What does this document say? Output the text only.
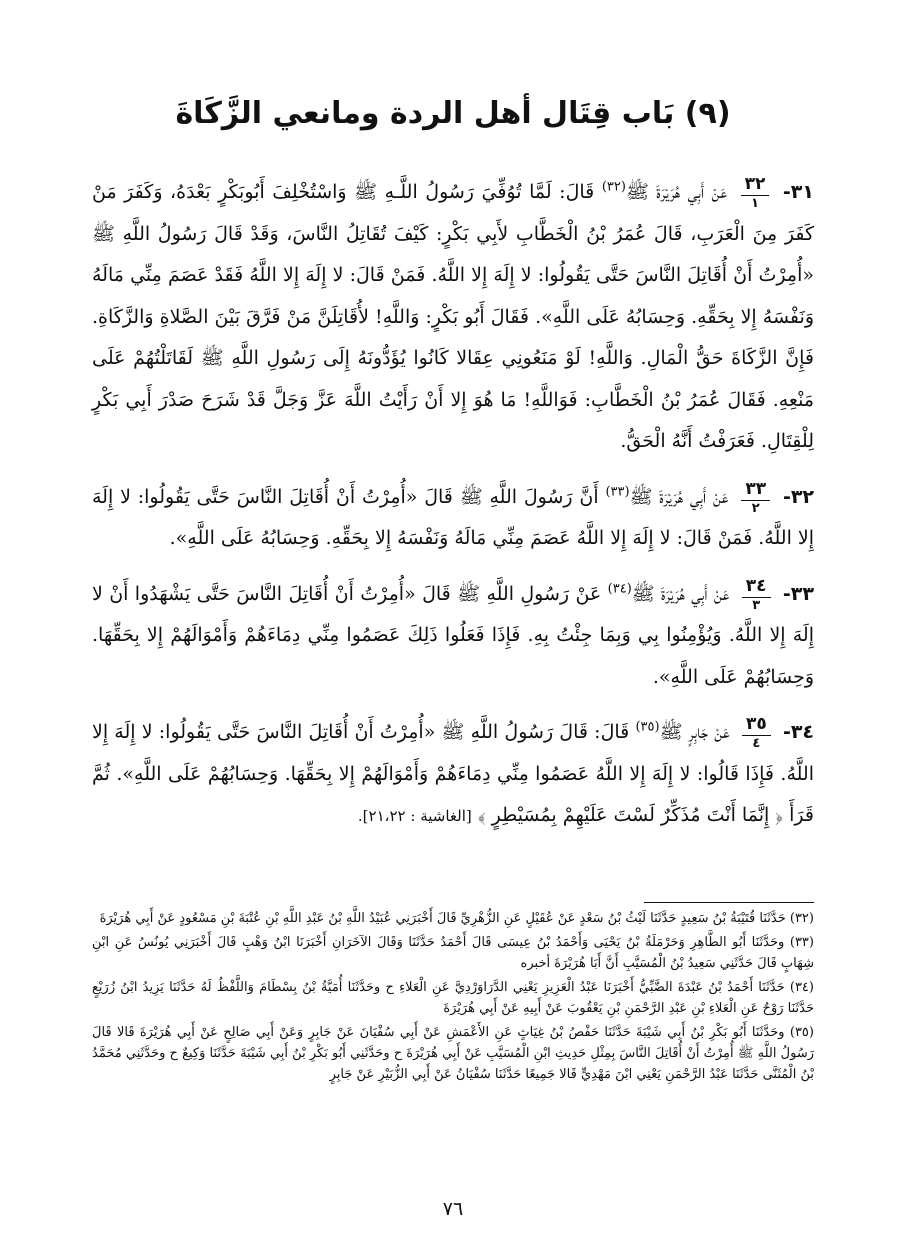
(٩) بَاب قِتَال أهل الردة ومانعي الزَّكَاةَ

٣١-
$\frac{٣٢}{١}$
عَنْ أَبِي هُرَيْرَةَ ﷺ$^{(٣٢)}$ قَالَ: لَمَّا تُوُفِّيَ رَسُولُ اللَّـهِ ﷺ وَاسْتُخْلِفَ أَبُوبَكْرٍ بَعْدَهُ، وَكَفَرَ مَنْ كَفَرَ مِنَ الْعَرَبِ، قَالَ عُمَرُ بْنُ الْخَطَّابِ لأَبِي بَكْرٍ: كَيْفَ تُقَاتِلُ النَّاسَ، وَقَدْ قَالَ رَسُولُ اللَّهِ ﷺ «أُمِرْتُ أَنْ أُقَاتِلَ النَّاسَ حَتَّى يَقُولُوا: لا إِلَهَ إِلا اللَّهُ. فَمَنْ قَالَ: لا إِلَهَ إِلا اللَّهُ فَقَدْ عَصَمَ مِنِّي مَالَهُ وَنَفْسَهُ إِلا بِحَقِّهِ. وَحِسَابُهُ عَلَى اللَّهِ». فَقَالَ أَبُو بَكْرٍ: وَاللَّهِ! لأُقَاتِلَنَّ مَنْ فَرَّقَ بَيْنَ الصَّلاةِ وَالزَّكَاةِ. فَإِنَّ الزَّكَاةَ حَقُّ الْمَالِ. وَاللَّهِ! لَوْ مَنَعُونِي عِقَالا كَانُوا يُؤَدُّونَهُ إِلَى رَسُولِ اللَّهِ ﷺ لَقَاتَلْتُهُمْ عَلَى مَنْعِهِ. فَقَالَ عُمَرُ بْنُ الْخَطَّابِ: فَوَاللَّهِ! مَا هُوَ إِلا أَنْ رَأَيْتُ اللَّهَ عَزَّ وَجَلَّ قَدْ شَرَحَ صَدْرَ أَبِي بَكْرٍ لِلْقِتَالِ. فَعَرَفْتُ أَنَّهُ الْحَقُّ.

٣٢-
$\frac{٣٣}{٢}$
عَنْ أَبِي هُرَيْرَةَ ﷺ$^{(٣٣)}$ أَنَّ رَسُولَ اللَّهِ ﷺ قَالَ «أُمِرْتُ أَنْ أُقَاتِلَ النَّاسَ حَتَّى يَقُولُوا: لا إِلَهَ إِلا اللَّهُ. فَمَنْ قَالَ: لا إِلَهَ إِلا اللَّهُ عَصَمَ مِنِّي مَالَهُ وَنَفْسَهُ إِلا بِحَقِّهِ. وَحِسَابُهُ عَلَى اللَّهِ».

٣٣-
$\frac{٣٤}{٣}$
عَنْ أَبِي هُرَيْرَةَ ﷺ$^{(٣٤)}$ عَنْ رَسُولِ اللَّهِ ﷺ قَالَ «أُمِرْتُ أَنْ أُقَاتِلَ النَّاسَ حَتَّى يَشْهَدُوا أَنْ لا إِلَهَ إِلا اللَّهُ. وَيُؤْمِنُوا بِي وَبِمَا جِئْتُ بِهِ. فَإِذَا فَعَلُوا ذَلِكَ عَصَمُوا مِنِّي دِمَاءَهُمْ وَأَمْوَالَهُمْ إِلا بِحَقِّهَا. وَحِسَابُهُمْ عَلَى اللَّهِ».

٣٤-
$\frac{٣٥}{٤}$
عَنْ جَابِرٍ ﷺ$^{(٣٥)}$ قَالَ: قَالَ رَسُولُ اللَّهِ ﷺ «أُمِرْتُ أَنْ أُقَاتِلَ النَّاسَ حَتَّى يَقُولُوا: لا إِلَهَ إِلا اللَّهُ. فَإِذَا قَالُوا: لا إِلَهَ إِلا اللَّهُ عَصَمُوا مِنِّي دِمَاءَهُمْ وَأَمْوَالَهُمْ إِلا بِحَقِّهَا. وَحِسَابُهُمْ عَلَى اللَّهِ». ثُمَّ قَرَأَ ﴿ إِنَّمَا أَنْتَ مُذَكِّرٌ لَسْتَ عَلَيْهِمْ بِمُسَيْطِرٍ ﴾ [الغاشية : ٢١،٢٢].

(٣٢) حَدَّثَنَا قُتَيْبَةُ بْنُ سَعِيدٍ حَدَّثَنَا لَيْثُ بْنُ سَعْدٍ عَنْ عُقَيْلٍ عَنِ الزُّهْرِيِّ قَالَ أَخْبَرَنِي عُبَيْدُ اللَّهِ بْنُ عَبْدِ اللَّهِ بْنِ عُتْبَةَ بْنِ مَسْعُودٍ عَنْ أَبِي هُرَيْرَةَ

(٣٣) وحَدَّثَنَا أَبُو الطَّاهِرِ وَحَرْمَلَةُ بْنُ يَحْيَى وَأَحْمَدُ بْنُ عِيسَى قَالَ أَحْمَدُ حَدَّثَنَا وَقَالَ الآخَرَانِ أَخْبَرَنَا ابْنُ وَهْبٍ قَالَ أَخْبَرَنِي يُونُسُ عَنِ ابْنِ شِهَابٍ قَالَ حَدَّثَنِي سَعِيدُ بْنُ الْمُسَيَّبِ أَنَّ أَبَا هُرَيْرَةَ أخبره

(٣٤) حَدَّثَنَا أَحْمَدُ بْنُ عَبْدَةَ الضَّبِّيُّ أَخْبَرَنَا عَبْدُ الْعَزِيزِ يَعْنِي الدَّرَاوَرْدِيَّ عَنِ الْعَلاءِ ح وحَدَّثَنَا أُمَيَّةُ بْنُ بِسْطَامَ وَاللَّفْظُ لَهُ حَدَّثَنَا يَزِيدُ ابْنُ زُرَيْعٍ حَدَّثَنَا رَوْحٌ عَنِ الْعَلاءِ بْنِ عَبْدِ الرَّحْمَنِ بْنِ يَعْقُوبَ عَنْ أَبِيهِ عَنْ أَبِي هُرَيْرَةَ

(٣٥) وحَدَّثَنَا أَبُو بَكْرِ بْنُ أَبِي شَيْبَةَ حَدَّثَنَا حَفْصُ بْنُ غِيَاثٍ عَنِ الأَعْمَشِ عَنْ أَبِي سُفْيَانَ عَنْ جَابِرٍ وَعَنْ أَبِي صَالِحٍ عَنْ أَبِي هُرَيْرَةَ قَالا قَالَ رَسُولُ اللَّهِ ﷺ أُمِرْتُ أَنْ أُقَاتِلَ النَّاسَ بِمِثْلِ حَدِيثِ ابْنِ الْمُسَيَّبِ عَنْ أَبِي هُرَيْرَةَ ح وحَدَّثَنِي أَبُو بَكْرِ بْنُ أَبِي شَيْبَةَ حَدَّثَنَا وَكِيعٌ ح وحَدَّثَنِي مُحَمَّدُ بْنُ الْمُثَنَّى حَدَّثَنَا عَبْدُ الرَّحْمَنِ يَعْنِي ابْنَ مَهْدِيٍّ قَالا جَمِيعًا حَدَّثَنَا سُفْيَانُ عَنْ أَبِي الزُّبَيْرِ عَنْ جَابِرٍ

٧٦
